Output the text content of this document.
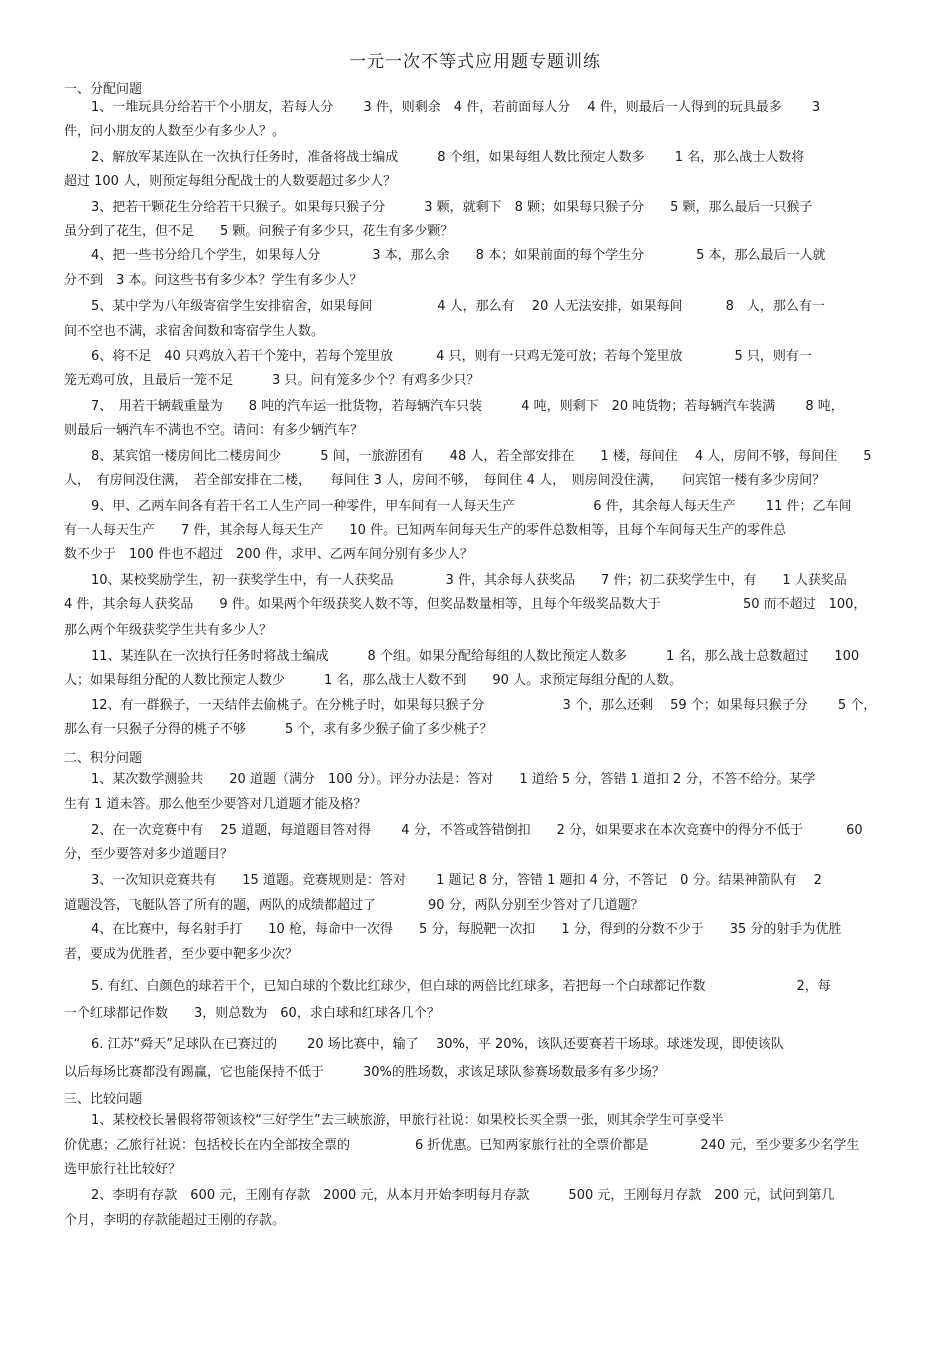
一元一次不等式应用题专题训练
一、分配问题
1、一堆玩具分给若干个小朋友，若每人分　　 3 件，则剩余　4 件，若前面每人分　 4 件，则最后一人得到的玩具最多　　 3
件，问小朋友的人数至少有多少人？。
2、解放军某连队在一次执行任务时，准备将战士编成　　　8 个组，如果每组人数比预定人数多　　 1 名，那么战士人数将
超过 100 人，则预定每组分配战士的人数要超过多少人？
3、把若干颗花生分给若干只猴子。如果每只猴子分　　　3 颗，就剩下　8 颗；如果每只猴子分　　5 颗，那么最后一只猴子
虽分到了花生，但不足　　5 颗。问猴子有多少只，花生有多少颗？
4、把一些书分给几个学生，如果每人分　　　　3 本，那么余　　8 本；如果前面的每个学生分　　　　5 本，那么最后一人就
分不到　3 本。问这些书有多少本？学生有多少人？
5、某中学为八年级寄宿学生安排宿舍，如果每间　　　　　4 人，那么有　 20 人无法安排，如果每间　　　 8　人，那么有一
间不空也不满，求宿舍间数和寄宿学生人数。
6、将不足　40 只鸡放入若干个笼中，若每个笼里放　　　 4 只，则有一只鸡无笼可放；若每个笼里放　　　　5 只，则有一
笼无鸡可放，且最后一笼不足　　　3 只。问有笼多少个？有鸡多少只？
7、　用若干辆载重量为　　8 吨的汽车运一批货物，若每辆汽车只装　　　4 吨，则剩下　20 吨货物；若每辆汽车装满　　 8 吨，
则最后一辆汽车不满也不空。请问：有多少辆汽车？
8、某宾馆一楼房间比二楼房间少　　　5 间，一旅游团有　　48 人，若全部安排在　　1 楼，每间住　 4 人，房间不够，每间住　　5
人，　有房间没住满，　若全部安排在二楼，　　每间住 3 人，房间不够，　每间住 4 人，　则房间没住满，　　问宾馆一楼有多少房间？
9、甲、乙两车间各有若干名工人生产同一种零件，甲车间有一人每天生产　　　　　　6 件，其余每人每天生产　　 11 件；乙车间
有一人每天生产　　7 件，其余每人每天生产　　10 件。已知两车间每天生产的零件总数相等，且每个车间每天生产的零件总
数不少于　100 件也不超过　200 件，求甲、乙两车间分别有多少人？
10、某校奖励学生，初一获奖学生中，有一人获奖品　　　　3 件，其余每人获奖品　　7 件；初二获奖学生中，有　　1 人获奖品
4 件，其余每人获奖品　　9 件。如果两个年级获奖人数不等，但奖品数量相等，且每个年级奖品数大于　　　　　　 50 而不超过　100，
那么两个年级获奖学生共有多少人？
11、某连队在一次执行任务时将战士编成　　　8 个组。如果分配给每组的人数比预定人数多　　　1 名，那么战士总数超过　　100
人；如果每组分配的人数比预定人数少　　　1 名，那么战士人数不到　　90 人。求预定每组分配的人数。
12、有一群猴子，一天结伴去偷桃子。在分桃子时，如果每只猴子分　　　　　　3 个，那么还剩　 59 个；如果每只猴子分　　 5 个，
那么有一只猴子分得的桃子不够　　　5 个，求有多少猴子偷了多少桃子？
二、积分问题
1、某次数学测验共　　20 道题（满分　100 分）。评分办法是：答对　　1 道给 5 分，答错 1 道扣 2 分，不答不给分。某学
生有 1 道未答。那么他至少要答对几道题才能及格？
2、在一次竞赛中有　 25 道题，每道题目答对得　　 4 分，不答或答错倒扣　　2 分，如果要求在本次竞赛中的得分不低于　　　 60
分，至少要答对多少道题目？
3、一次知识竞赛共有　　15 道题。竞赛规则是：答对　　 1 题记 8 分，答错 1 题扣 4 分，不答记　0 分。结果神箭队有　 2
道题没答，飞艇队答了所有的题，两队的成绩都超过了　　　　90 分，两队分别至少答对了几道题？
4、在比赛中，每名射手打　　10 枪，每命中一次得　　5 分，每脱靶一次扣　　1 分，得到的分数不少于　　35 分的射手为优胜
者，要成为优胜者，至少要中靶多少次？
5. 有红、白颜色的球若干个，已知白球的个数比红球少，但白球的两倍比红球多，若把每一个白球都记作数　　　　　　　2，每
一个红球都记作数　　3，则总数为　60，求白球和红球各几个？
6. 江苏“舜天”足球队在已赛过的　　 20 场比赛中，输了　 30%，平 20%，该队还要赛若干场球。球迷发现，即使该队
以后每场比赛都没有踢赢，它也能保持不低于　　　30%的胜场数，求该足球队参赛场数最多有多少场？
三、比较问题
1、某校校长暑假将带领该校“三好学生”去三峡旅游，甲旅行社说：如果校长买全票一张，则其余学生可享受半
价优惠；乙旅行社说：包括校长在内全部按全票的　　　　　6 折优惠。已知两家旅行社的全票价都是　　　　240 元，至少要多少名学生
选甲旅行社比较好？
2、李明有存款　600 元，王刚有存款　2000 元，从本月开始李明每月存款　　　500 元，王刚每月存款　200 元，试问到第几
个月，李明的存款能超过王刚的存款。
